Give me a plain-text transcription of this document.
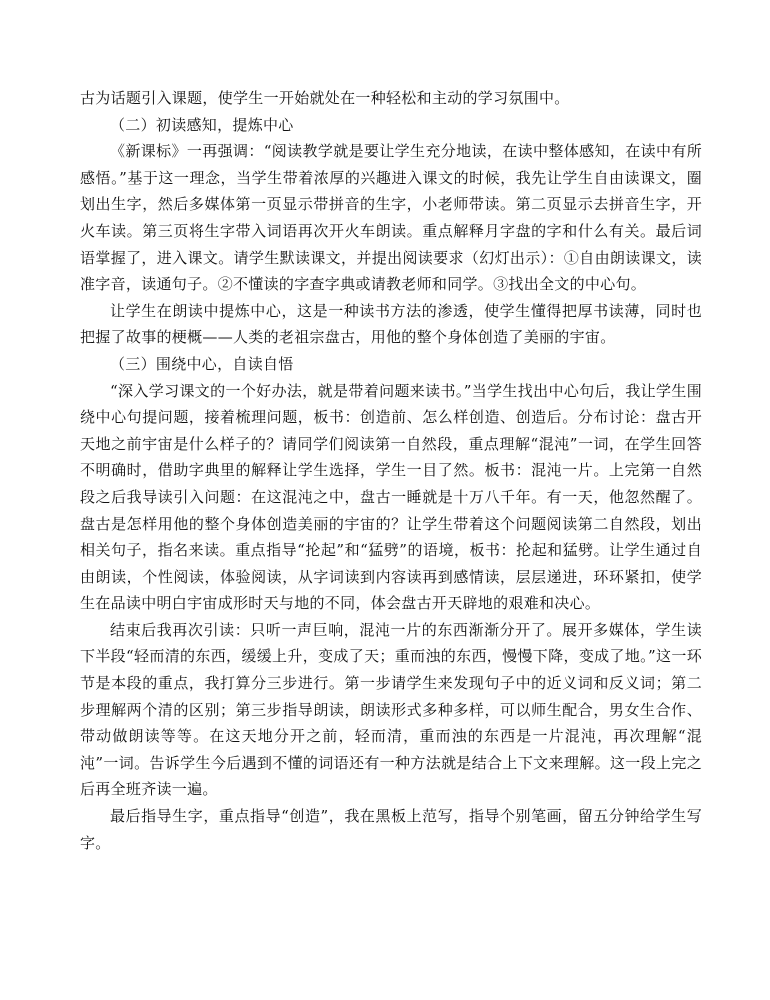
古为话题引入课题，使学生一开始就处在一种轻松和主动的学习氛围中。

（二）初读感知，提炼中心

《新课标》一再强调：“阅读教学就是要让学生充分地读，在读中整体感知，在读中有所感悟。”基于这一理念，当学生带着浓厚的兴趣进入课文的时候，我先让学生自由读课文，圈划出生字，然后多媒体第一页显示带拼音的生字，小老师带读。第二页显示去拼音生字，开火车读。第三页将生字带入词语再次开火车朗读。重点解释月字盘的字和什么有关。最后词语掌握了，进入课文。请学生默读课文，并提出阅读要求（幻灯出示）：①自由朗读课文，读准字音，读通句子。②不懂读的字查字典或请教老师和同学。③找出全文的中心句。

让学生在朗读中提炼中心，这是一种读书方法的渗透，使学生懂得把厚书读薄，同时也把握了故事的梗概——人类的老祖宗盘古，用他的整个身体创造了美丽的宇宙。

（三）围绕中心，自读自悟

“深入学习课文的一个好办法，就是带着问题来读书。”当学生找出中心句后，我让学生围绕中心句提问题，接着梳理问题，板书：创造前、怎么样创造、创造后。分布讨论：盘古开天地之前宇宙是什么样子的？请同学们阅读第一自然段，重点理解“混沌”一词，在学生回答不明确时，借助字典里的解释让学生选择，学生一目了然。板书：混沌一片。上完第一自然段之后我导读引入问题：在这混沌之中，盘古一睡就是十万八千年。有一天，他忽然醒了。盘古是怎样用他的整个身体创造美丽的宇宙的？让学生带着这个问题阅读第二自然段，划出相关句子，指名来读。重点指导“抡起”和“猛劈”的语境，板书：抡起和猛劈。让学生通过自由朗读，个性阅读，体验阅读，从字词读到内容读再到感情读，层层递进，环环紧扣，使学生在品读中明白宇宙成形时天与地的不同，体会盘古开天辟地的艰难和决心。

结束后我再次引读：只听一声巨响，混沌一片的东西渐渐分开了。展开多媒体，学生读下半段“轻而清的东西，缓缓上升，变成了天；重而浊的东西，慢慢下降，变成了地。”这一环节是本段的重点，我打算分三步进行。第一步请学生来发现句子中的近义词和反义词；第二步理解两个清的区别；第三步指导朗读，朗读形式多种多样，可以师生配合，男女生合作、带动做朗读等等。在这天地分开之前，轻而清，重而浊的东西是一片混沌，再次理解“混沌”一词。告诉学生今后遇到不懂的词语还有一种方法就是结合上下文来理解。这一段上完之后再全班齐读一遍。

最后指导生字，重点指导“创造”，我在黑板上范写，指导个别笔画，留五分钟给学生写字。
